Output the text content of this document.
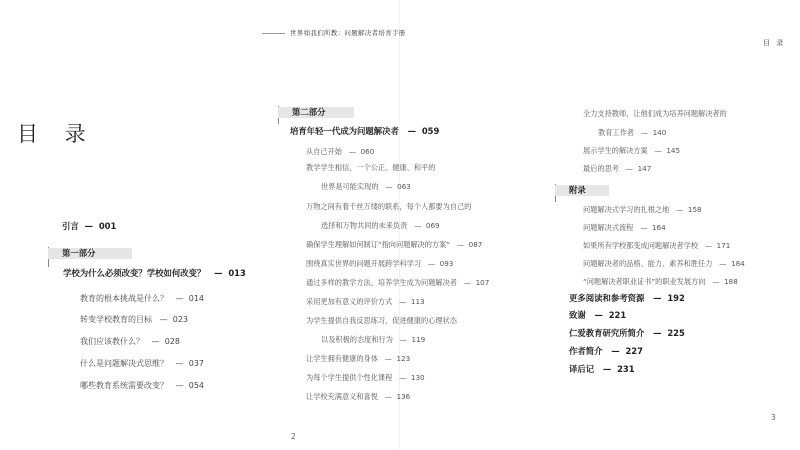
世界如我们所教：问题解决者培育手册
目 录
目 录
引言 — 001
第一部分
学校为什么必须改变？学校如何改变？ — 013
教育的根本挑战是什么？ — 014
转变学校教育的目标 — 023
我们应该教什么？ — 028
什么是问题解决式思维？ — 037
哪些教育系统需要改变？ — 054
第二部分
培育年轻一代成为问题解决者 — 059
从自己开始 — 060
教学学生相信，一个公正、健康、和平的
世界是可能实现的 — 063
万物之间有着千丝万缕的联系，每个人都要为自己的
选择和万物共同的未来负责 — 069
确保学生理解如何制订“指向问题解决的方案” — 087
围绕真实世界的问题开展跨学科学习 — 093
通过多样的教学方法，培养学生成为问题解决者 — 107
采用更加有意义的评价方式 — 113
为学生提供自我反思练习，促进健康的心理状态
以及积极的态度和行为 — 119
让学生拥有健康的身体 — 123
为每个学生提供个性化课程 — 130
让学校充满意义和喜悦 — 136
全力支持教师，让他们成为培养问题解决者的
教育工作者 — 140
展示学生的解决方案 — 145
最后的思考 — 147
附录
问题解决式学习的扎根之地 — 158
问题解决式流程 — 164
如果所有学校都变成问题解决者学校 — 171
问题解决者的品格、能力、素养和胜任力 — 184
“问题解决者职业证书”的职业发展方向 — 188
更多阅读和参考资源 — 192
致谢 — 221
仁爱教育研究所简介 — 225
作者简介 — 227
译后记 — 231
2
3
